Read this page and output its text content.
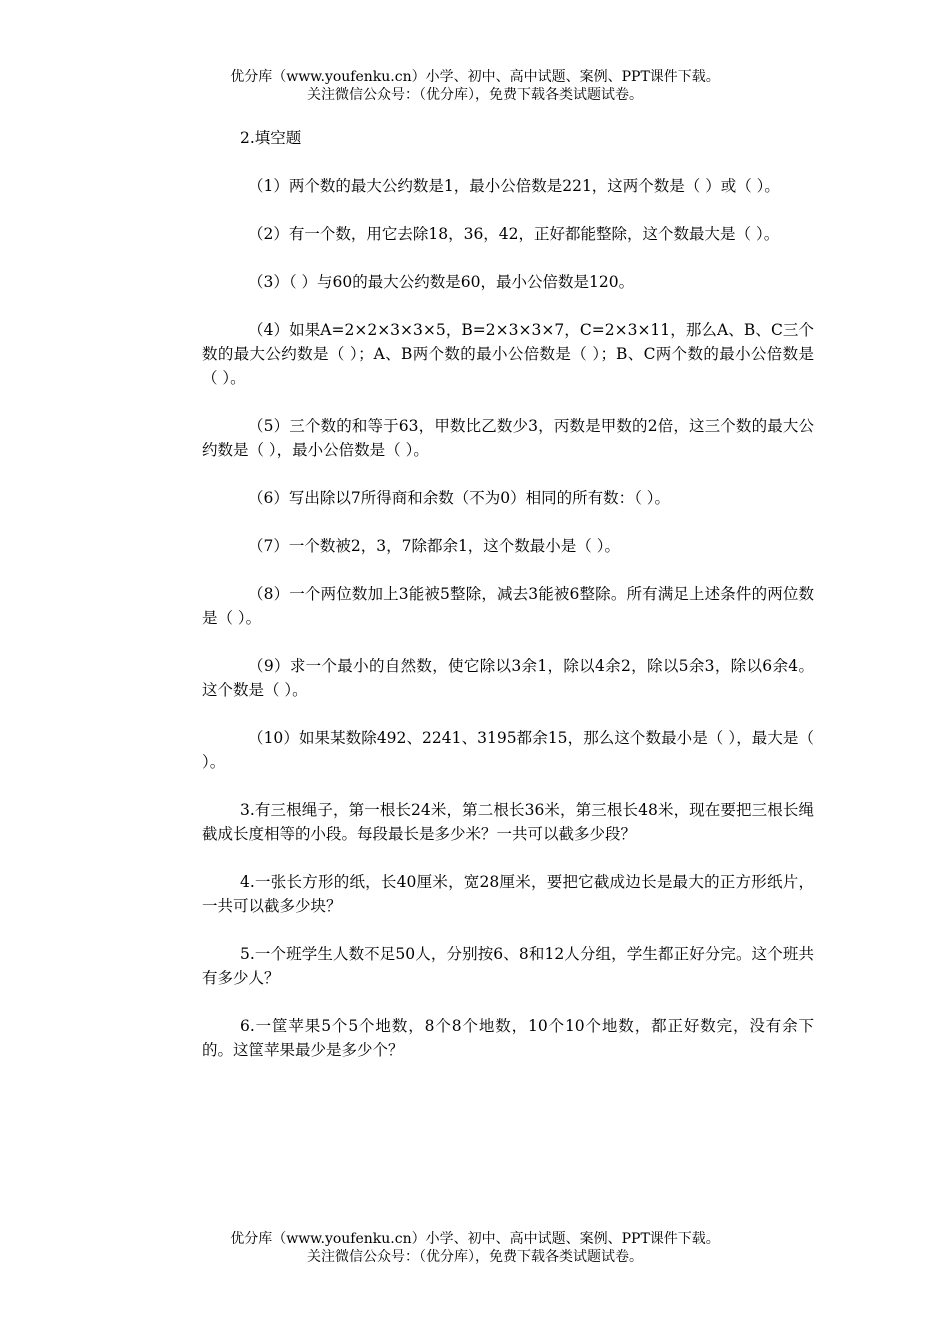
优分库（www.youfenku.cn）小学、初中、高中试题、案例、PPT课件下载。
关注微信公众号：（优分库），免费下载各类试题试卷。

2.填空题

（1）两个数的最大公约数是1，最小公倍数是221，这两个数是（ ）或（ ）。

（2）有一个数，用它去除18，36，42，正好都能整除，这个数最大是（ ）。

（3）（ ）与60的最大公约数是60，最小公倍数是120。

（4）如果A=2×2×3×3×5，B=2×3×3×7，C=2×3×11，那么A、B、C三个数的最大公约数是（ ）；A、B两个数的最小公倍数是（ ）；B、C两个数的最小公倍数是（ ）。

（5）三个数的和等于63，甲数比乙数少3，丙数是甲数的2倍，这三个数的最大公约数是（ ），最小公倍数是（ ）。

（6）写出除以7所得商和余数（不为0）相同的所有数：（ ）。

（7）一个数被2，3，7除都余1，这个数最小是（ ）。

（8）一个两位数加上3能被5整除，减去3能被6整除。所有满足上述条件的两位数是（ ）。

（9）求一个最小的自然数，使它除以3余1，除以4余2，除以5余3，除以6余4。这个数是（ ）。

（10）如果某数除492、2241、3195都余15，那么这个数最小是（ ），最大是（ ）。

3.有三根绳子，第一根长24米，第二根长36米，第三根长48米，现在要把三根长绳截成长度相等的小段。每段最长是多少米？一共可以截多少段？

4.一张长方形的纸，长40厘米，宽28厘米，要把它截成边长是最大的正方形纸片，一共可以截多少块？

5.一个班学生人数不足50人，分别按6、8和12人分组，学生都正好分完。这个班共有多少人？

6.一筐苹果5个5个地数，8个8个地数，10个10个地数，都正好数完，没有余下的。这筐苹果最少是多少个？

优分库（www.youfenku.cn）小学、初中、高中试题、案例、PPT课件下载。
关注微信公众号：（优分库），免费下载各类试题试卷。
